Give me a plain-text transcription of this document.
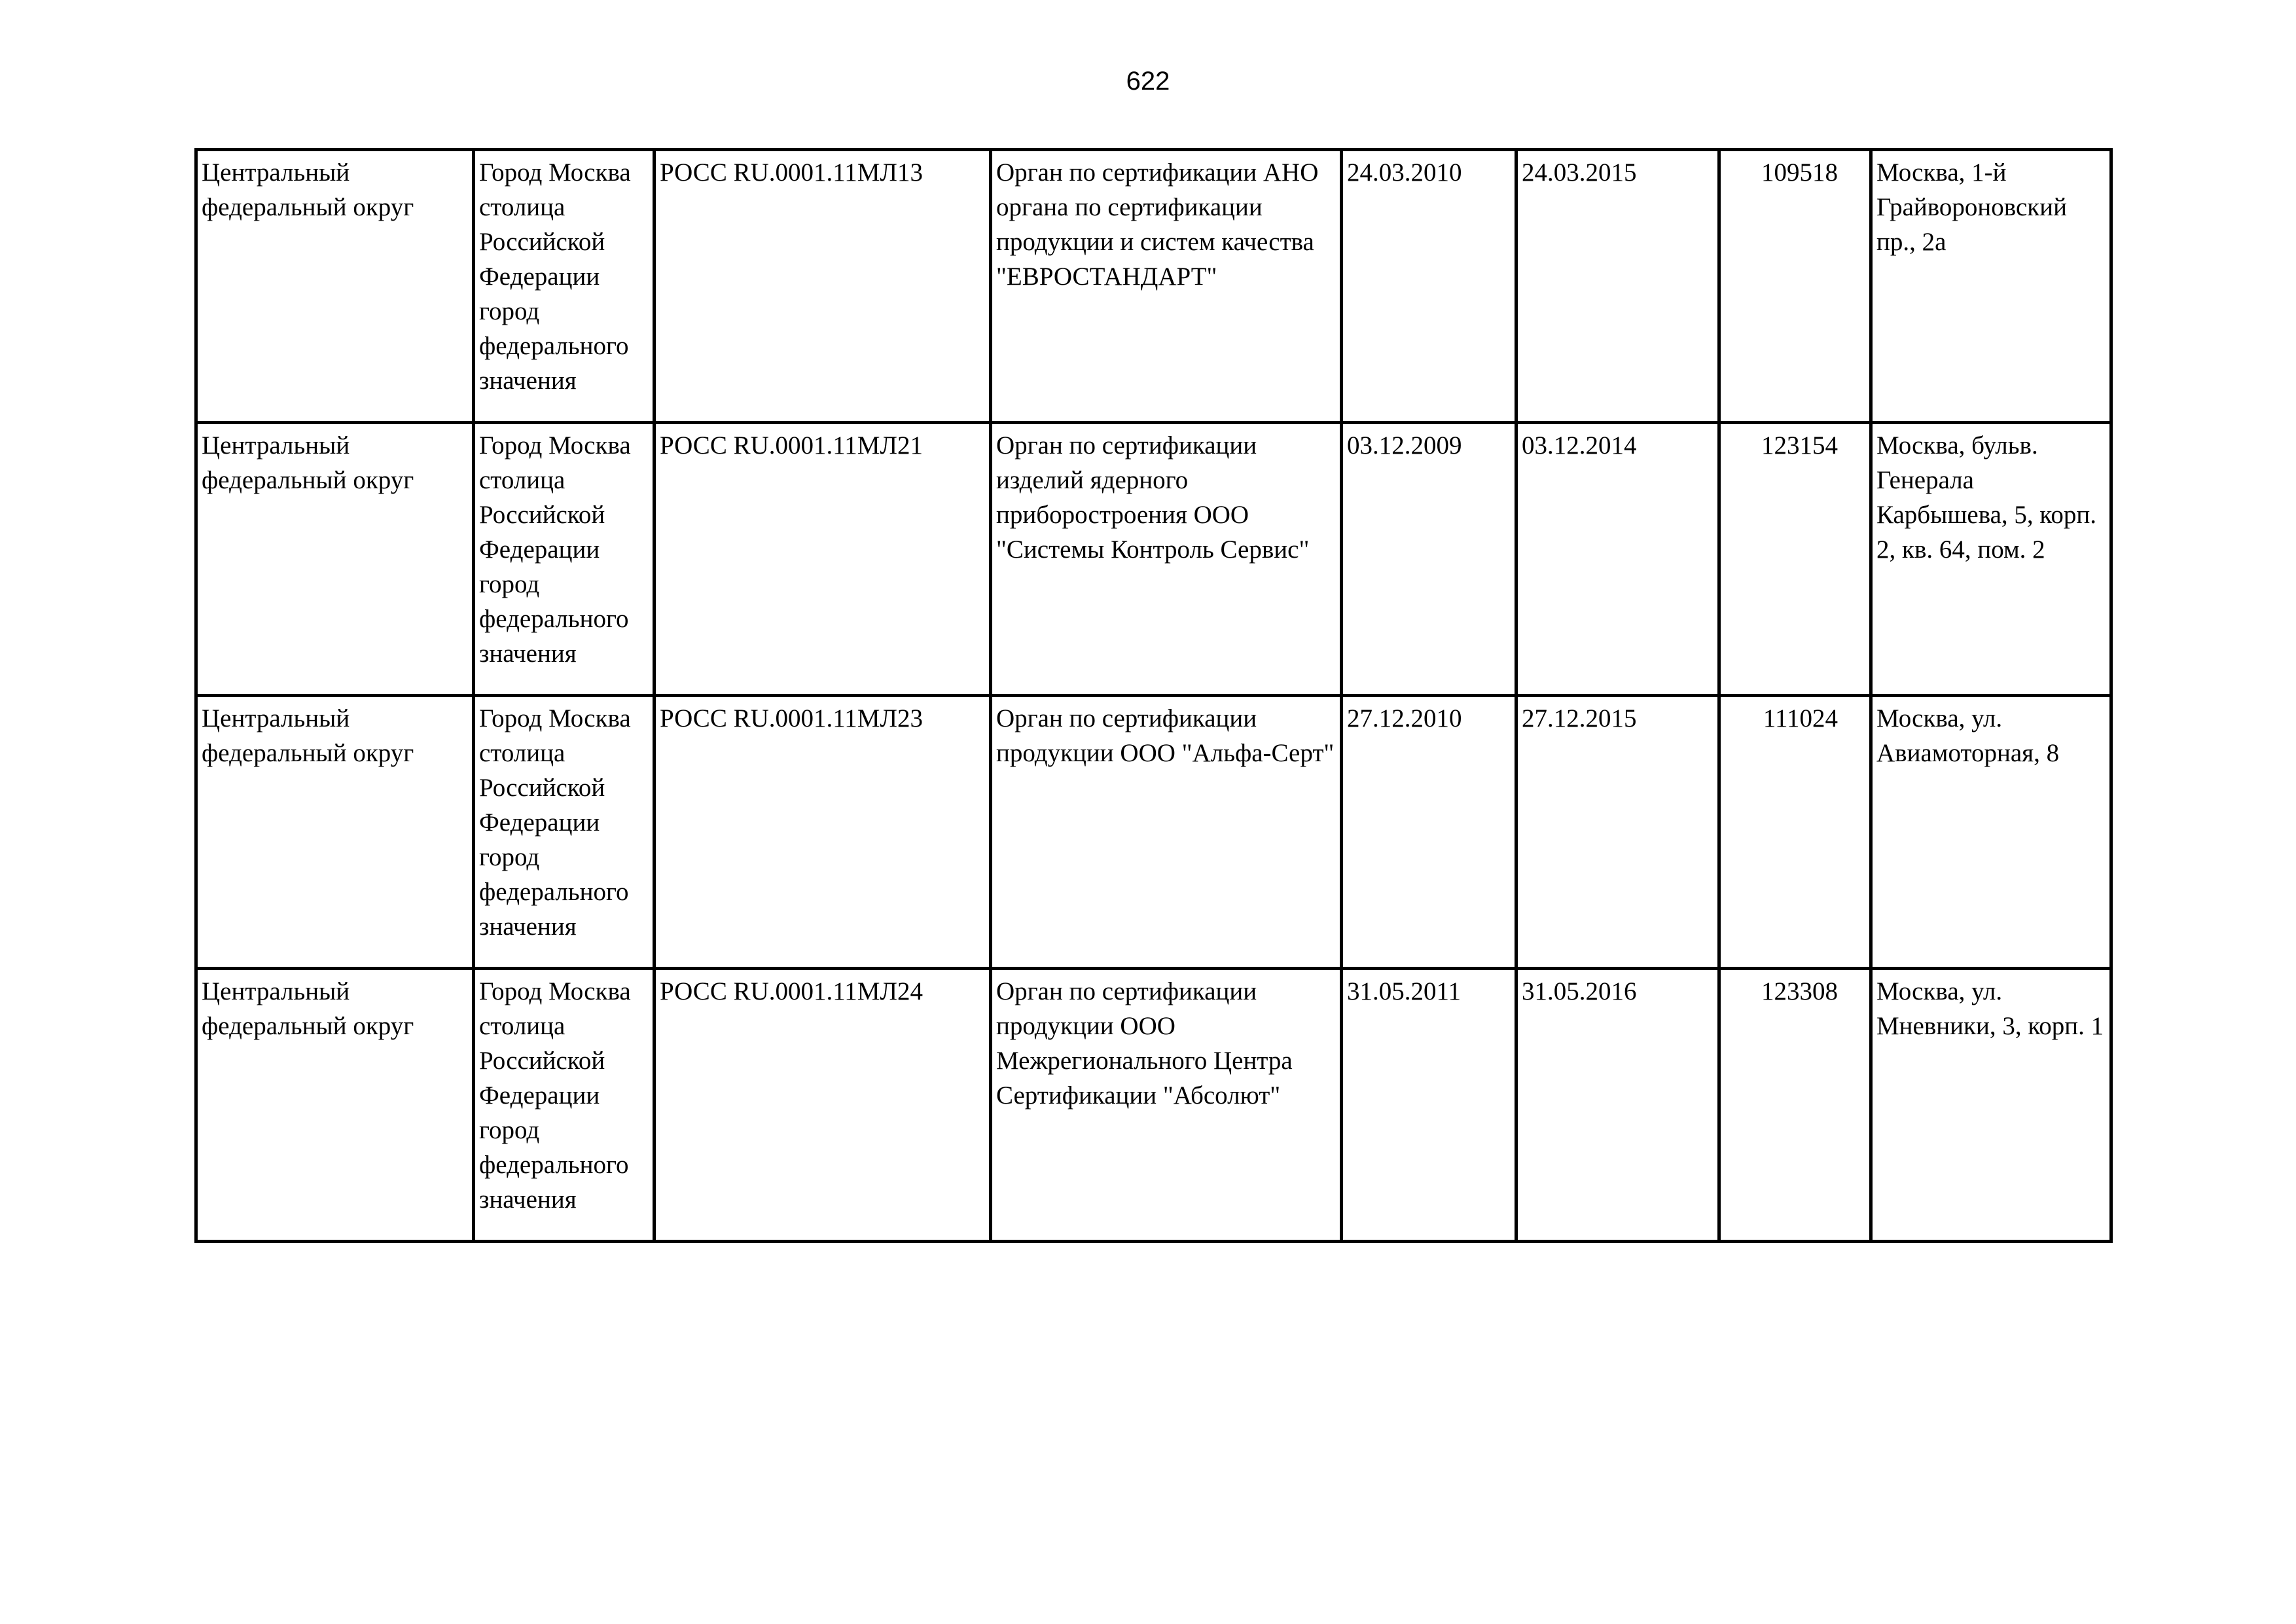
622
Центральный федеральный округ	Город Москва столица Российской Федерации город федерального значения	РОСС RU.0001.11МЛ13	Орган по сертификации АНО органа по сертификации продукции и систем качества "ЕВРОСТАНДАРТ"	24.03.2010	24.03.2015	109518	Москва, 1-й Грайвороновский пр., 2а

Центральный федеральный округ	Город Москва столица Российской Федерации город федерального значения	РОСС RU.0001.11МЛ21	Орган по сертификации изделий ядерного приборостроения ООО "Системы Контроль Сервис"	03.12.2009	03.12.2014	123154	Москва, бульв. Генерала Карбышева, 5, корп. 2, кв. 64, пом. 2

Центральный федеральный округ	Город Москва столица Российской Федерации город федерального значения	РОСС RU.0001.11МЛ23	Орган по сертификации продукции ООО "Альфа-Серт"	27.12.2010	27.12.2015	111024	Москва, ул. Авиамоторная, 8

Центральный федеральный округ	Город Москва столица Российской Федерации город федерального значения	РОСС RU.0001.11МЛ24	Орган по сертификации продукции ООО Межрегионального Центра Сертификации "Абсолют"	31.05.2011	31.05.2016	123308	Москва, ул. Мневники, 3, корп. 1
